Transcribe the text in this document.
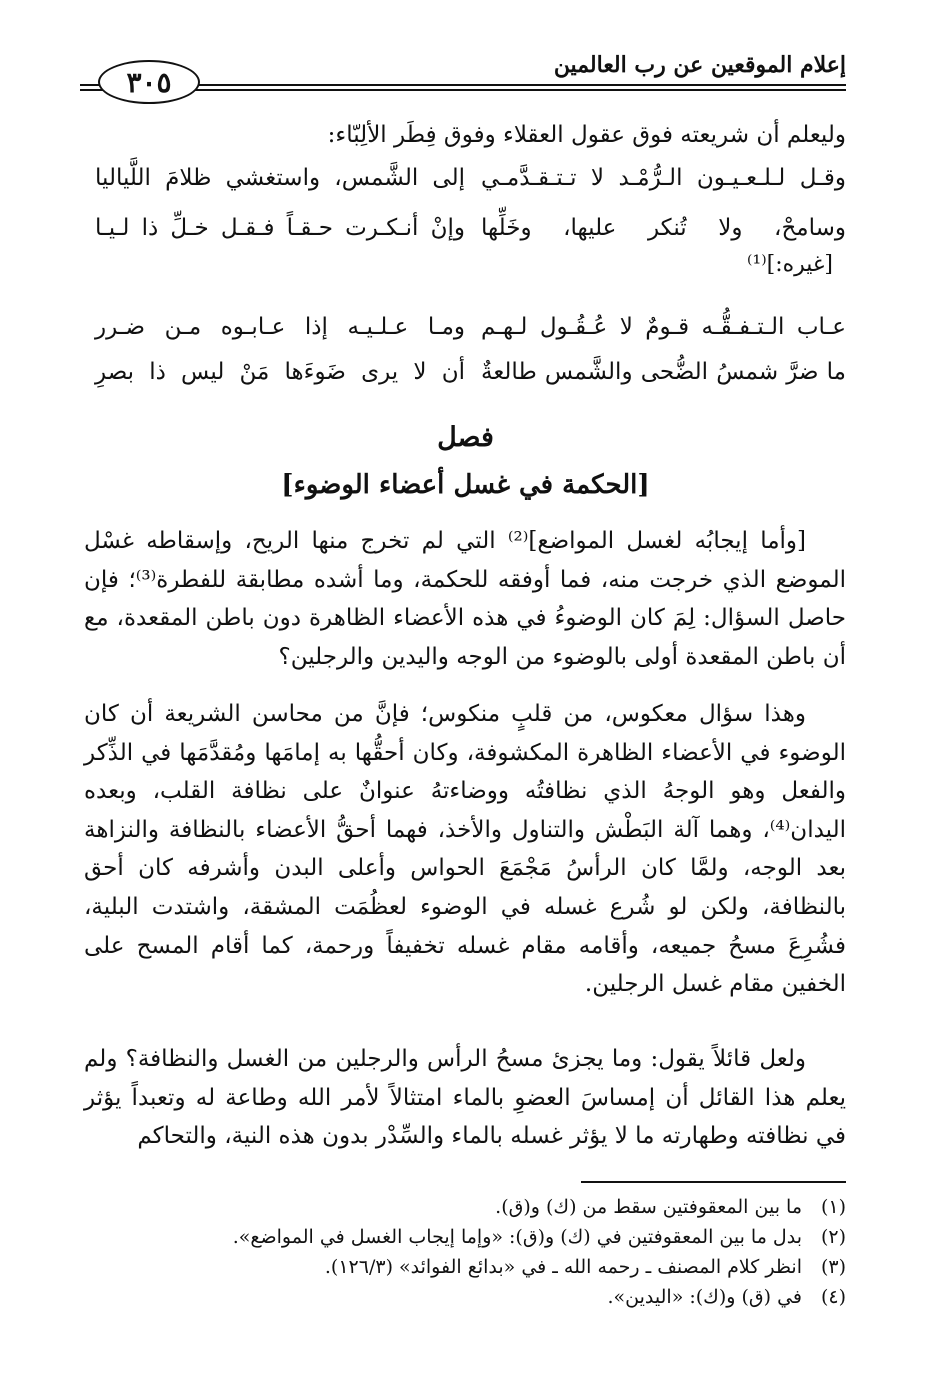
إعلام الموقعين عن رب العالمين
٣٠٥
وليعلم أن شريعته فوق عقول العقلاء وفوق فِطَر الألِبّاء:
وقـل لـلـعـيـون الـرُّمْـد لا تـتـقـدَّمـي
إلى الشَّمس، واستغشي ظلامَ اللَّياليا
وسامحْ، ولا تُنكر عليها، وخَلِّها
وإنْ أنـكـرت حـقـاً فـقـل خـلِّ ذا لـيـا
[غيره:]⁽¹⁾
عـاب الـتـفـقُّـه قـومٌ لا عُـقُـول لـهـم
ومـا عـلـيـه إذا عـابـوه مـن ضـرر
ما ضرَّ شمسُ الضُّحى والشَّمس طالعةٌ
أن لا يرى ضَوءَها مَنْ ليس ذا بصرِ
فصل
[الحكمة في غسل أعضاء الوضوء]
[وأما إيجابُه لغسل المواضع]⁽²⁾ التي لم تخرج منها الريح، وإسقاطه غسْل الموضع الذي خرجت منه، فما أوفقه للحكمة، وما أشده مطابقة للفطرة⁽³⁾؛ فإن حاصل السؤال: لِمَ كان الوضوءُ في هذه الأعضاء الظاهرة دون باطن المقعدة، مع أن باطن المقعدة أولى بالوضوء من الوجه واليدين والرجلين؟
وهذا سؤال معكوس، من قلبٍ منكوس؛ فإنَّ من محاسن الشريعة أن كان الوضوء في الأعضاء الظاهرة المكشوفة، وكان أحقُّها به إمامَها ومُقدَّمَها في الذِّكر والفعل وهو الوجهُ الذي نظافتُه ووضاءتهُ عنوانٌ على نظافة القلب، وبعده اليدان⁽⁴⁾، وهما آلة البَطْش والتناول والأخذ، فهما أحقُّ الأعضاء بالنظافة والنزاهة بعد الوجه، ولمَّا كان الرأسُ مَجْمَعَ الحواس وأعلى البدن وأشرفه كان أحق بالنظافة، ولكن لو شُرع غسله في الوضوء لعظُمَت المشقة، واشتدت البلية، فشُرِعَ مسحُ جميعه، وأقامه مقام غسله تخفيفاً ورحمة، كما أقام المسح على الخفين مقام غسل الرجلين.
ولعل قائلاً يقول: وما يجزئ مسحُ الرأس والرجلين من الغسل والنظافة؟ ولم يعلم هذا القائل أن إمساسَ العضوِ بالماء امتثالاً لأمر الله وطاعة له وتعبداً يؤثر في نظافته وطهارته ما لا يؤثر غسله بالماء والسِّدْر بدون هذه النية، والتحاكم
(١)
ما بين المعقوفتين سقط من (ك) و(ق).
(٢)
بدل ما بين المعقوفتين في (ك) و(ق): «وإما إيجاب الغسل في المواضع».
(٣)
انظر كلام المصنف ـ رحمه الله ـ في «بدائع الفوائد» (١٢٦/٣).
(٤)
في (ق) و(ك): «اليدين».
